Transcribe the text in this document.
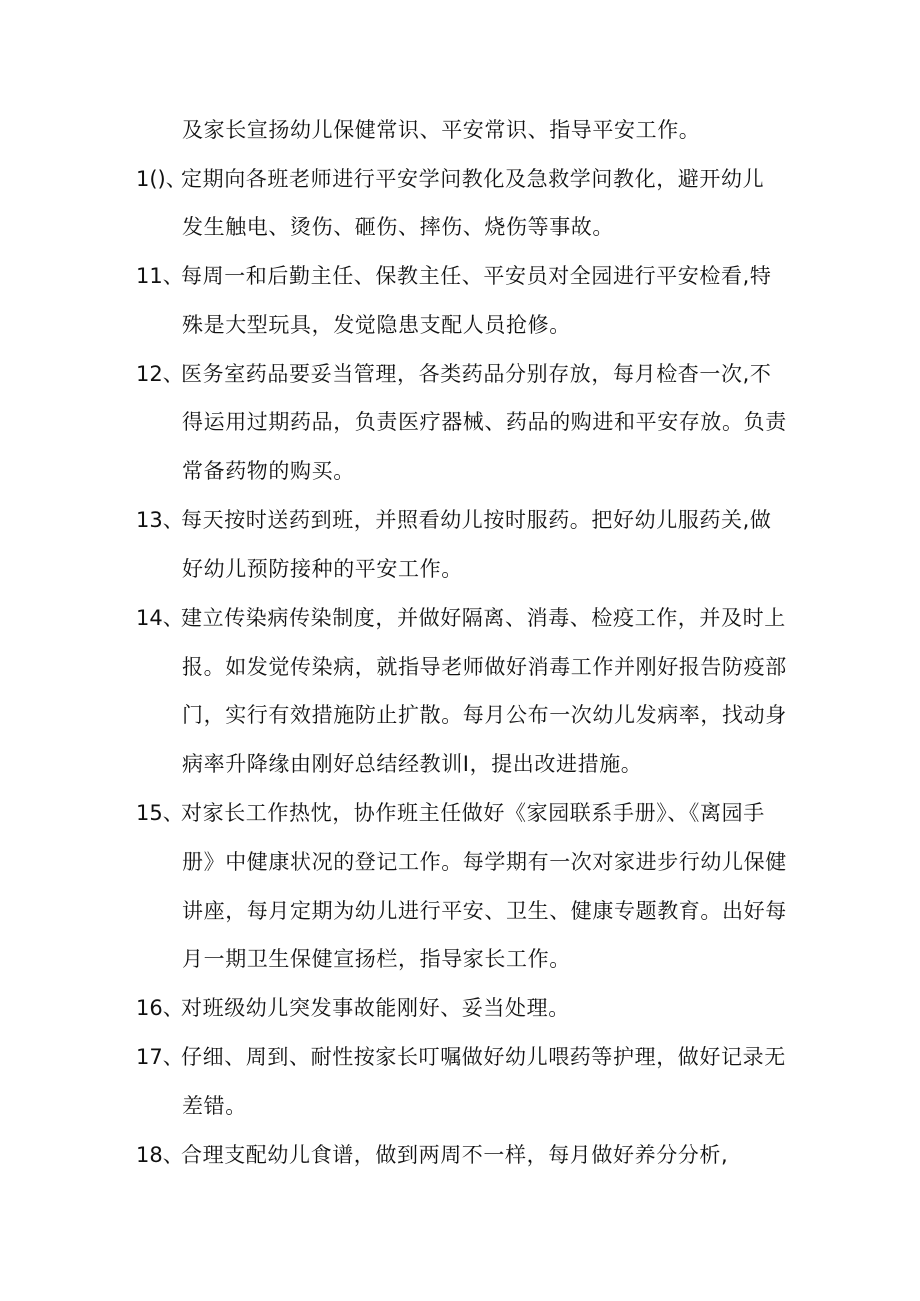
及家长宣扬幼儿保健常识、平安常识、指导平安工作。
1()、定期向各班老师进行平安学问教化及急救学问教化，避开幼儿
发生触电、烫伤、砸伤、摔伤、烧伤等事故。
11、每周一和后勤主任、保教主任、平安员对全园进行平安检看,特
殊是大型玩具，发觉隐患支配人员抢修。
12、医务室药品要妥当管理，各类药品分别存放，每月检杳一次,不
得运用过期药品，负责医疗器械、药品的购进和平安存放。负责
常备药物的购买。
13、每天按时送药到班，并照看幼儿按时服药。把好幼儿服药关,做
好幼儿预防接种的平安工作。
14、建立传染病传染制度，并做好隔离、消毒、检疫工作，并及时上
报。如发觉传染病，就指导老师做好消毒工作并刚好报告防疫部
门，实行有效措施防止扩散。每月公布一次幼儿发病率，找动身
病率升降缘由刚好总结经教训I，提出改进措施。
15、对家长工作热忱，协作班主任做好《家园联系手册》、《离园手
册》中健康状况的登记工作。每学期有一次对家进步行幼儿保健
讲座，每月定期为幼儿进行平安、卫生、健康专题教育。出好每
月一期卫生保健宣扬栏，指导家长工作。
16、对班级幼儿突发事故能刚好、妥当处理。
17、仔细、周到、耐性按家长叮嘱做好幼儿喂药等护理，做好记录无
差错。
18、合理支配幼儿食谱，做到两周不一样，每月做好养分分析,
